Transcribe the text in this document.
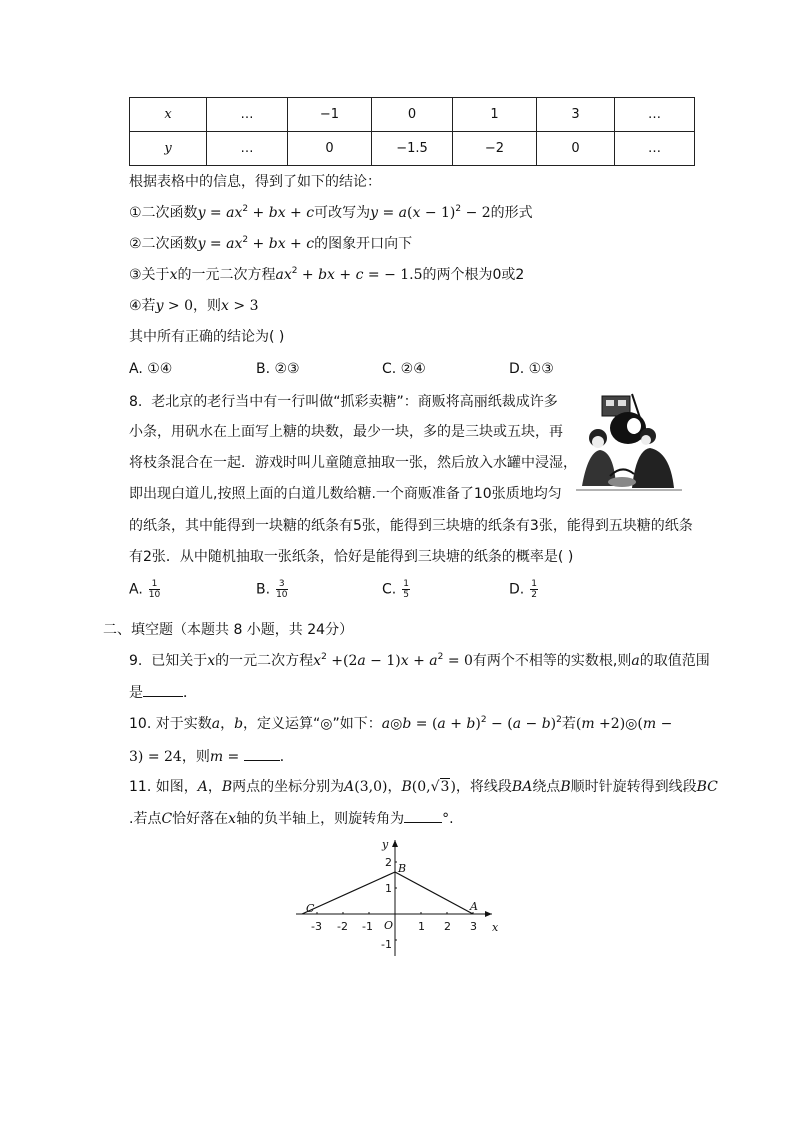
x	…	−1	0	1	3	…
y	…	0	−1.5	−2	0	…
根据表格中的信息，得到了如下的结论：
①二次函数$y = ax^2$ + bx + c可改写为$y = a(x - 1)^2 - 2$的形式
②二次函数$y = ax^2$ + bx + c的图象开口向下
③关于x的一元二次方程$ax^2$ + bx + c = − 1.5的两个根为0或2
④若y > 0，则x > 3
其中所有正确的结论为( )
A. ①④	B. ②③	C. ②④	D. ①③
8. 老北京的老行当中有一行叫做“抓彩卖糖”：商贩将高丽纸裁成许多
小条，用矾水在上面写上糖的块数，最少一块，多的是三块或五块，再
将枝条混合在一起．游戏时叫儿童随意抽取一张，然后放入水罐中浸湿，
即出现白道儿,按照上面的白道儿数给糖.一个商贩准备了10张质地均匀
的纸条，其中能得到一块糖的纸条有5张，能得到三块塘的纸条有3张，能得到五块糖的纸条
有2张．从中随机抽取一张纸条，恰好是能得到三块塘的纸条的概率是( )
A. $\frac{1}{10}$	B. $\frac{3}{10}$	C. $\frac{1}{5}$	D. $\frac{1}{2}$
二、填空题（本题共 8 小题，共 24分）
9. 已知关于x的一元二次方程$x^2 +(2a - 1)x + a^2 = 0$有两个不相等的实数根,则a的取值范围
是	．
10. 对于实数a，b，定义运算“◎”如下：a◎b = $(a + b)^2 - (a - b)^2$若(m +2)◎(m −
3) = 24，则m =	．
11. 如图，A，B两点的坐标分别为A(3,0)，B(0,√3)，将线段BA绕点B顺时针旋转得到线段BC
.若点C恰好落在x轴的负半轴上，则旋转角为	°.
-3 -2 -1	1 2 3
2
1
-1
O	x
y
B
A
C
